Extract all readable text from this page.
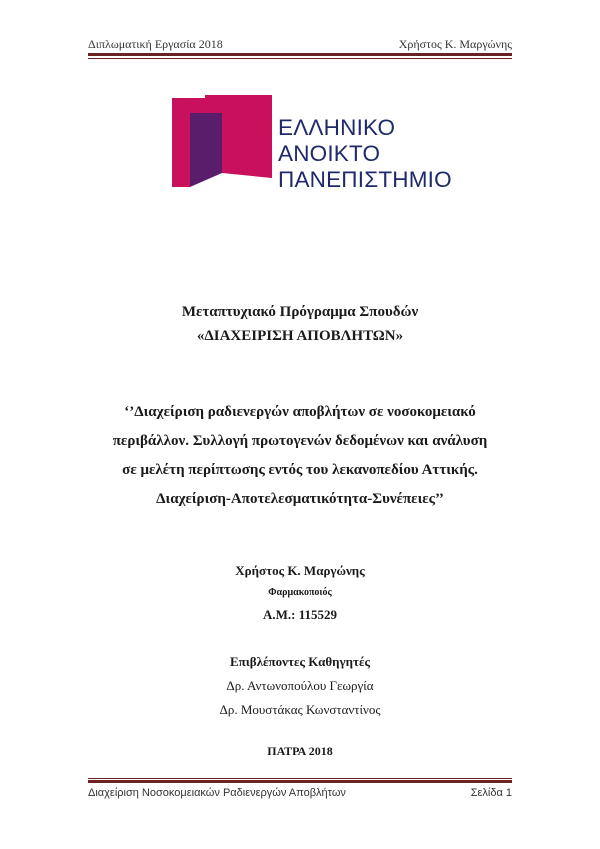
Διπλωματική Εργασία 2018	Χρήστος Κ. Μαργώνης
ΕΛΛΗΝΙΚΟ
ΑΝΟΙΚΤΟ
ΠΑΝΕΠΙΣΤΗΜΙΟ
Μεταπτυχιακό Πρόγραμμα Σπουδών
«ΔΙΑΧΕΙΡΙΣΗ ΑΠΟΒΛΗΤΩΝ»
‘’Διαχείριση ραδιενεργών αποβλήτων σε νοσοκομειακό
περιβάλλον. Συλλογή πρωτογενών δεδομένων και ανάλυση
σε μελέτη περίπτωσης εντός του λεκανοπεδίου Αττικής.
Διαχείριση-Αποτελεσματικότητα-Συνέπειες’’
Χρήστος Κ. Μαργώνης
Φαρμακοποιός
Α.Μ.: 115529
Επιβλέποντες Καθηγητές
Δρ. Αντωνοπούλου Γεωργία
Δρ. Μουστάκας Κωνσταντίνος
ΠΑΤΡΑ 2018
Διαχείριση Νοσοκομειακών Ραδιενεργών Αποβλήτων	Σελίδα 1
